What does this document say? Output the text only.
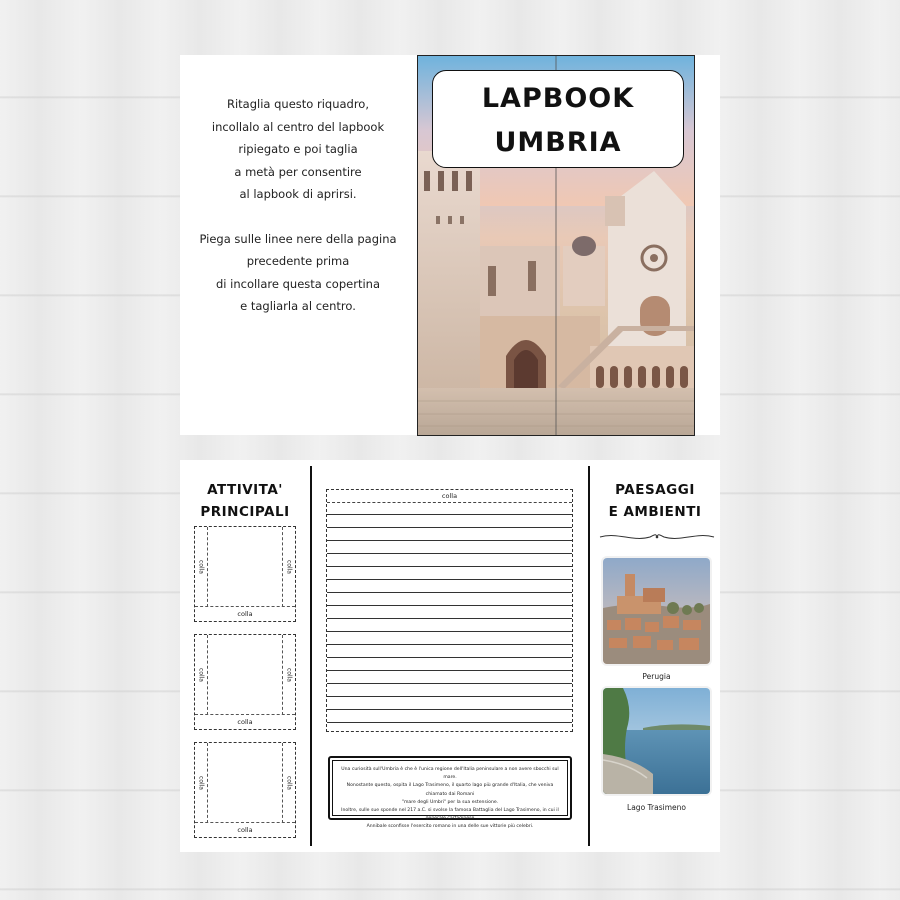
Ritaglia questo riquadro,
incollalo al centro del lapbook
ripiegato e poi taglia
a metà per consentire
al lapbook di aprirsi.

Piega sulle linee nere della pagina
precedente prima
di incollare questa copertina
e tagliarla al centro.

LAPBOOK
UMBRIA
ATTIVITA'
PRINCIPALI
colla	colla
colla
colla	colla
colla
colla	colla
colla
colla

Una curiosità sull'Umbria è che è l'unica regione dell'Italia peninsulare a non avere sbocchi sul mare.

Nonostante questo, ospita il Lago Trasimeno, il quarto lago più grande d'Italia, che veniva chiamato dai Romani

"mare degli Umbri" per la sua estensione.

Inoltre, sulle sue sponde nel 217 a.C. si svolse la famosa Battaglia del Lago Trasimeno, in cui il generale cartaginese

Annibale sconfisse l'esercito romano in una delle sue vittorie più celebri.

PAESAGGI
E AMBIENTI
Perugia
Lago Trasimeno
